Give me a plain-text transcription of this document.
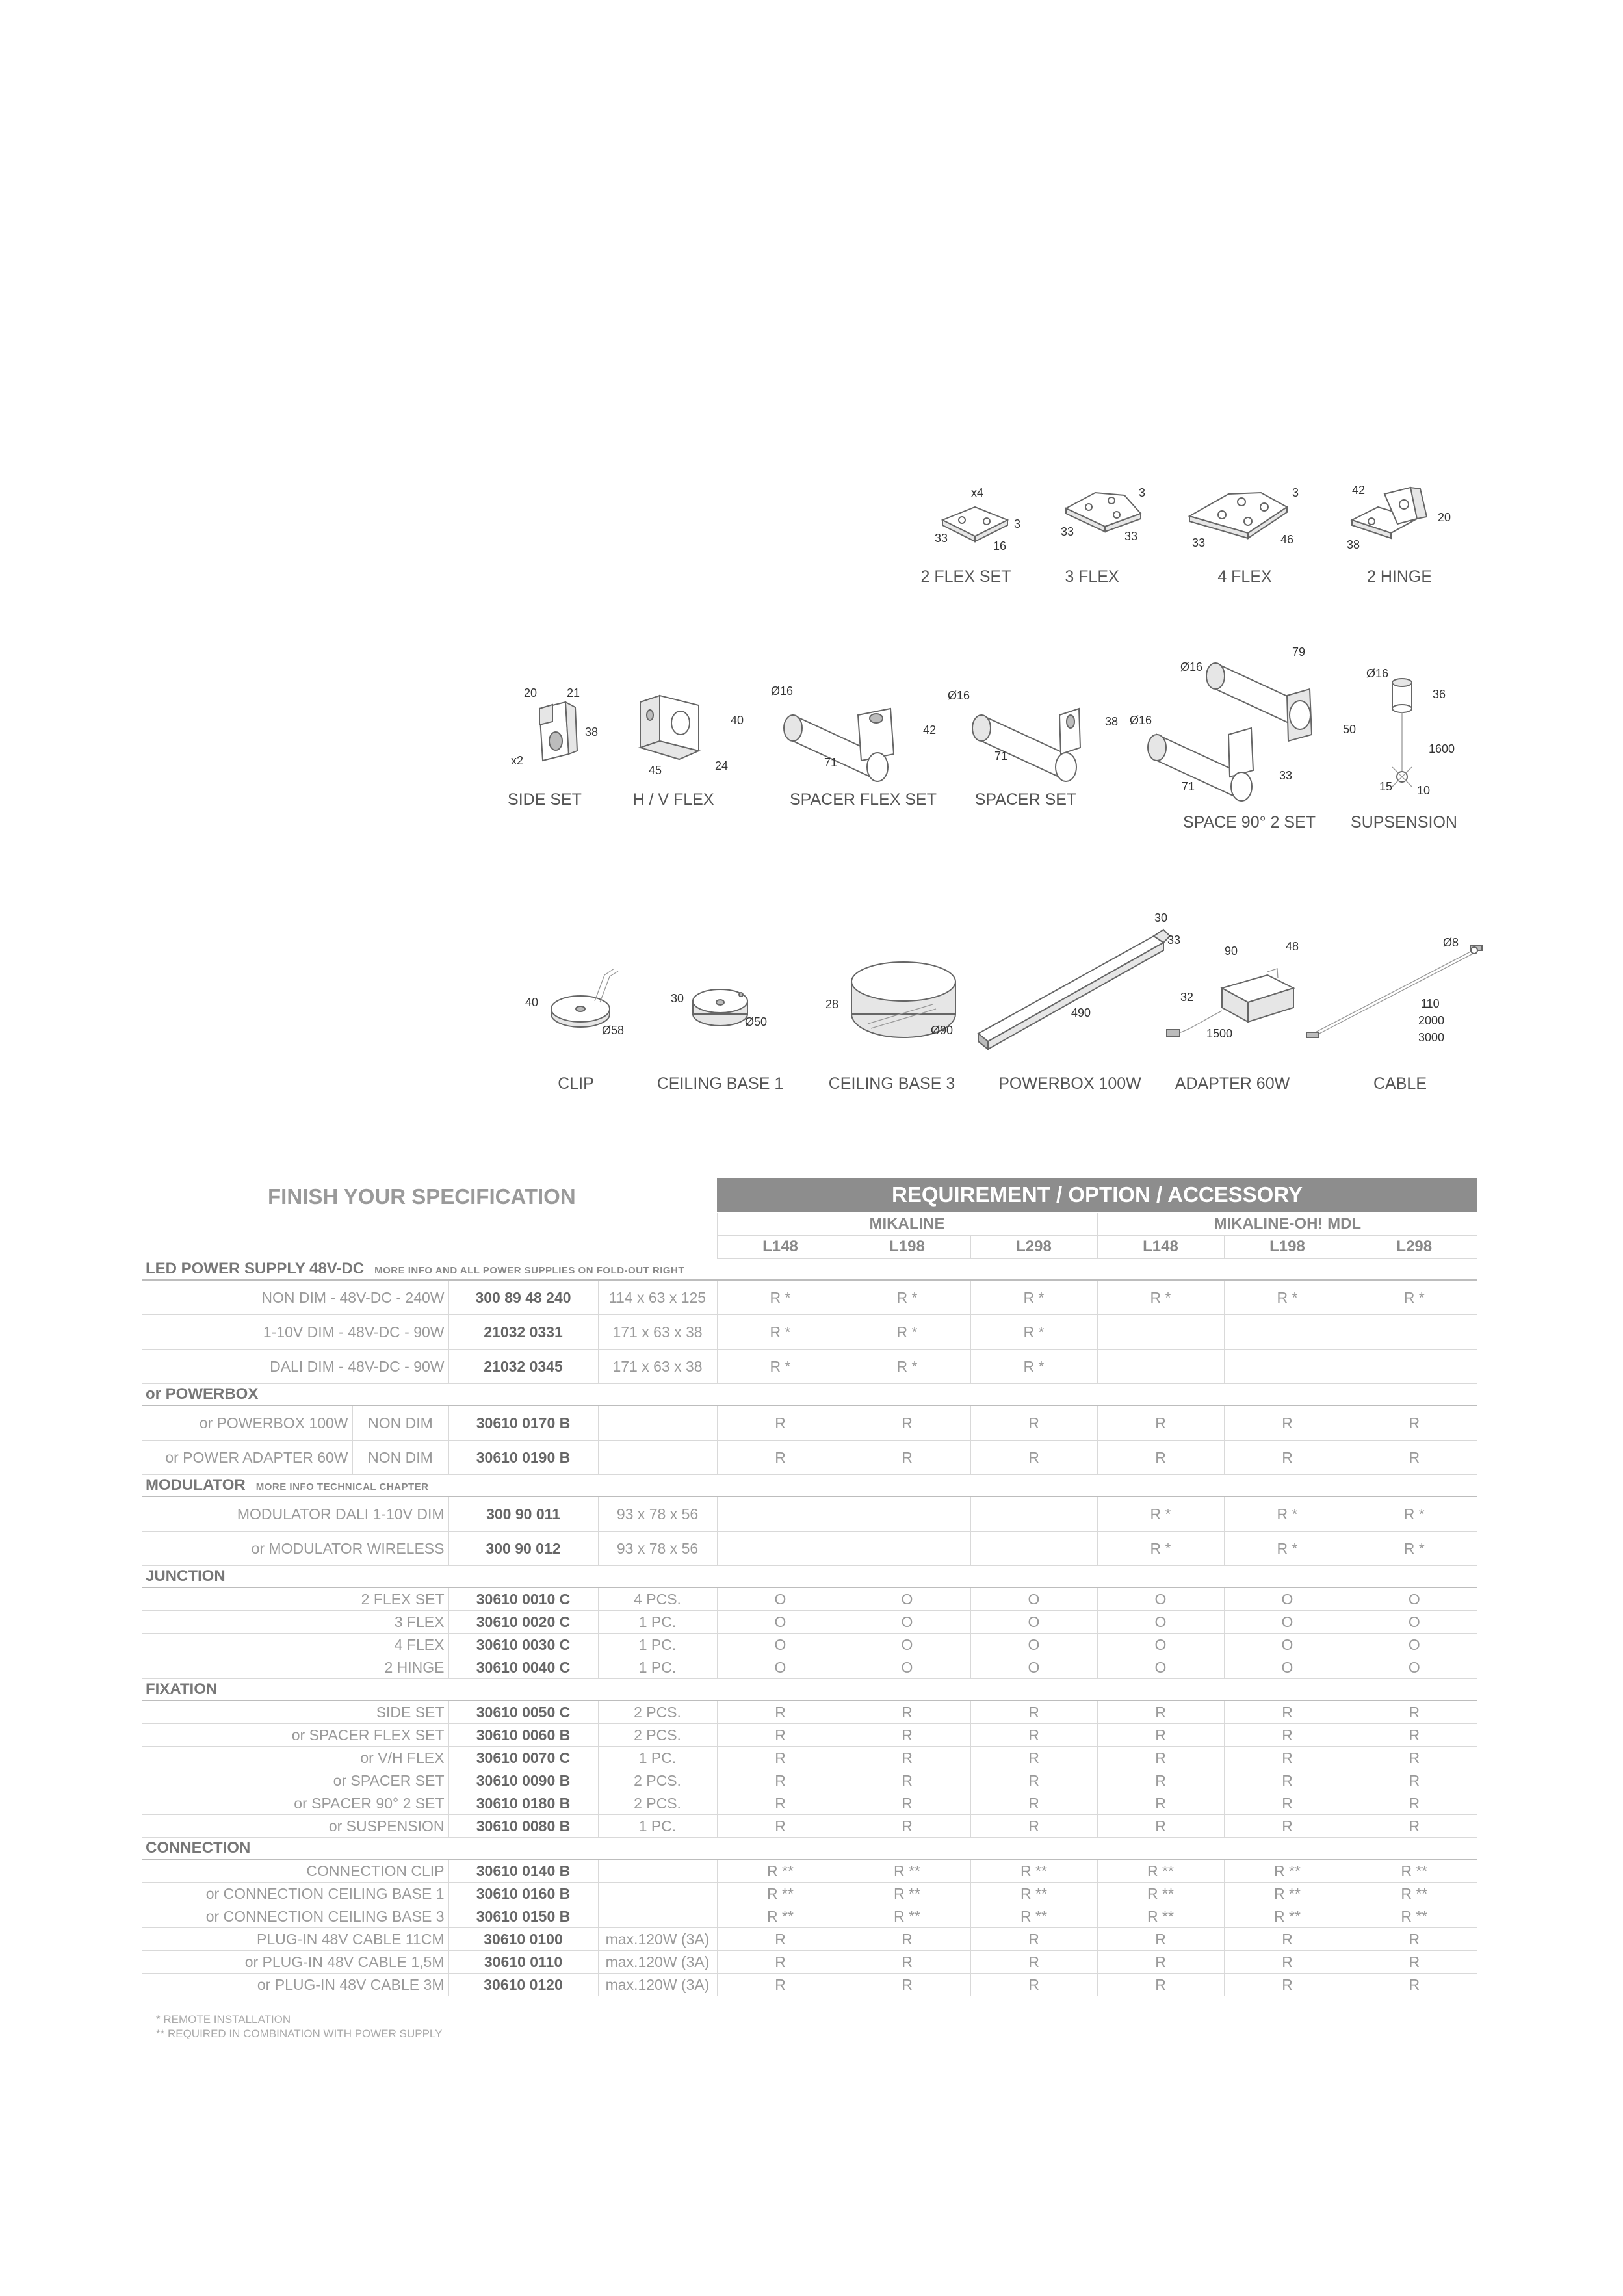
x4
3
33
16
2 FLEX SET
3
33	33
3 FLEX
3
33	46
4 FLEX
42
20
38
2 HINGE
20	21
38
x2
H / V FLEX
SIDE SET
40
45	24
Ø16
42
71
SPACER FLEX SET
Ø16
38
71
SPACER SET
79
Ø16
Ø16
50
71
33
SPACE 90° 2 SET
Ø16
36
1600
15 10
SUPSENSION
40
Ø58
CLIP
30
Ø50
CEILING BASE 1
28
Ø90
CEILING BASE 3
30
33
490
POWERBOX 100W
90	48
32
1500
ADAPTER 60W
Ø8
110
2000
3000
CABLE
FINISH YOUR SPECIFICATION	REQUIREMENT / OPTION / ACCESSORY
				MIKALINE			MIKALINE-OH! MDL		
				L148	L198	L298	L148	L198	L298
LED POWER SUPPLY 48V-DC MORE INFO AND ALL POWER SUPPLIES ON FOLD-OUT RIGHT									
NON DIM - 48V-DC - 240W		300 89 48 240	114 x 63 x 125	R *	R *	R *	R *	R *	R *
1-10V DIM - 48V-DC - 90W		21032 0331	171 x 63 x 38	R *	R *	R *			
DALI DIM - 48V-DC - 90W		21032 0345	171 x 63 x 38	R *	R *	R *			
or POWERBOX									
or POWERBOX 100W	NON DIM	30610 0170 B		R	R	R	R	R	R
or POWER ADAPTER 60W	NON DIM	30610 0190 B		R	R	R	R	R	R
MODULATOR MORE INFO TECHNICAL CHAPTER									
MODULATOR DALI 1-10V DIM		300 90 011	93 x 78 x 56				R *	R *	R *
or MODULATOR WIRELESS		300 90 012	93 x 78 x 56				R *	R *	R *
JUNCTION									
2 FLEX SET		30610 0010 C	4 PCS.	O	O	O	O	O	O
3 FLEX		30610 0020 C	1 PC.	O	O	O	O	O	O
4 FLEX		30610 0030 C	1 PC.	O	O	O	O	O	O
2 HINGE		30610 0040 C	1 PC.	O	O	O	O	O	O
FIXATION									
SIDE SET		30610 0050 C	2 PCS.	R	R	R	R	R	R
or SPACER FLEX SET		30610 0060 B	2 PCS.	R	R	R	R	R	R
or V/H FLEX		30610 0070 C	1 PC.	R	R	R	R	R	R
or SPACER SET		30610 0090 B	2 PCS.	R	R	R	R	R	R
or SPACER 90° 2 SET		30610 0180 B	2 PCS.	R	R	R	R	R	R
or SUSPENSION		30610 0080 B	1 PC.	R	R	R	R	R	R
CONNECTION									
CONNECTION CLIP		30610 0140 B		R **	R **	R **	R **	R **	R **
or CONNECTION CEILING BASE 1		30610 0160 B		R **	R **	R **	R **	R **	R **
or CONNECTION CEILING BASE 3		30610 0150 B		R **	R **	R **	R **	R **	R **
PLUG-IN 48V CABLE 11CM		30610 0100	max.120W (3A)	R	R	R	R	R	R
or PLUG-IN 48V CABLE 1,5M		30610 0110	max.120W (3A)	R	R	R	R	R	R
or PLUG-IN 48V CABLE 3M		30610 0120	max.120W (3A)	R	R	R	R	R	R
* REMOTE INSTALLATION
** REQUIRED IN COMBINATION WITH POWER SUPPLY
